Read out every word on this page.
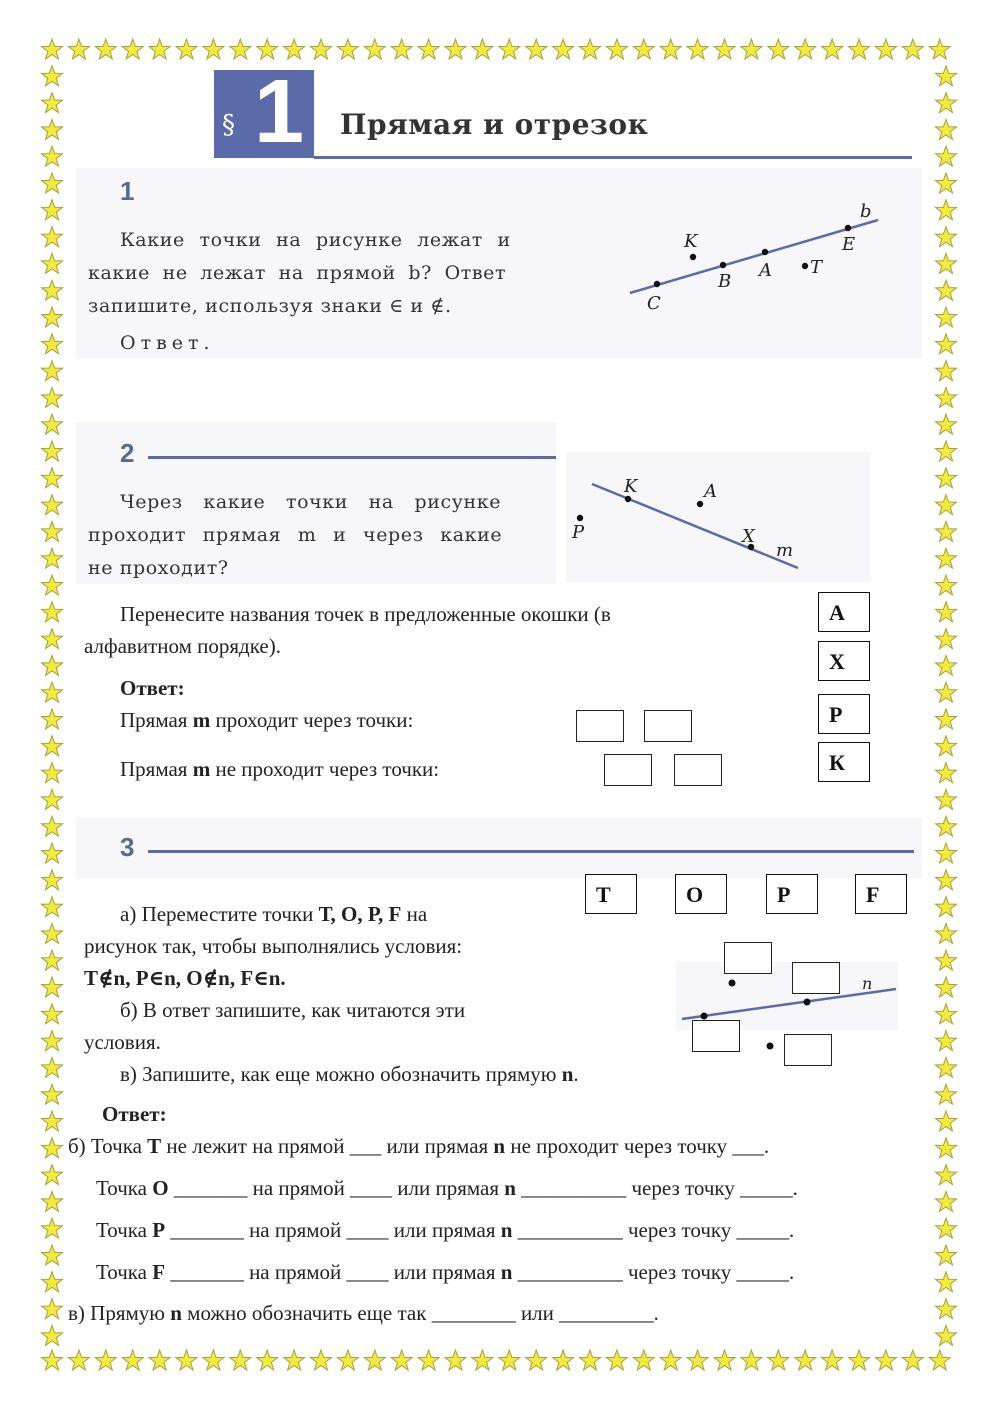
§ 1 Прямая и отрезок
1
Какие точки на рисунке лежат и
какие не лежат на прямой b? Ответ
запишите, используя знаки ∈ и ∉.
Ответ.
b
K	E
B
A T
C
2
Через какие точки на рисунке
проходит прямая m и через какие
не проходит?
K	A
X
m
P
Перенесите названия точек в предложенные окошки (в
алфавитном порядке).
Ответ:
Прямая m проходит через точки:
Прямая m не проходит через точки:
А
Х
Р
К
3
Т	О	Р	F
а) Переместите точки Т, О, Р, F на
рисунок так, чтобы выполнялись условия:
Т∉n, Р∈n, О∉n, F∈n.
б) В ответ запишите, как читаются эти
условия.
в) Запишите, как еще можно обозначить прямую n.
n
Ответ:
б) Точка Т не лежит на прямой ___ или прямая n не проходит через точку ___.
Точка О _______ на прямой ____ или прямая n __________ через точку _____.
Точка Р _______ на прямой ____ или прямая n __________ через точку _____.
Точка F _______ на прямой ____ или прямая n __________ через точку _____.
в) Прямую n можно обозначить еще так ________ или _________.
